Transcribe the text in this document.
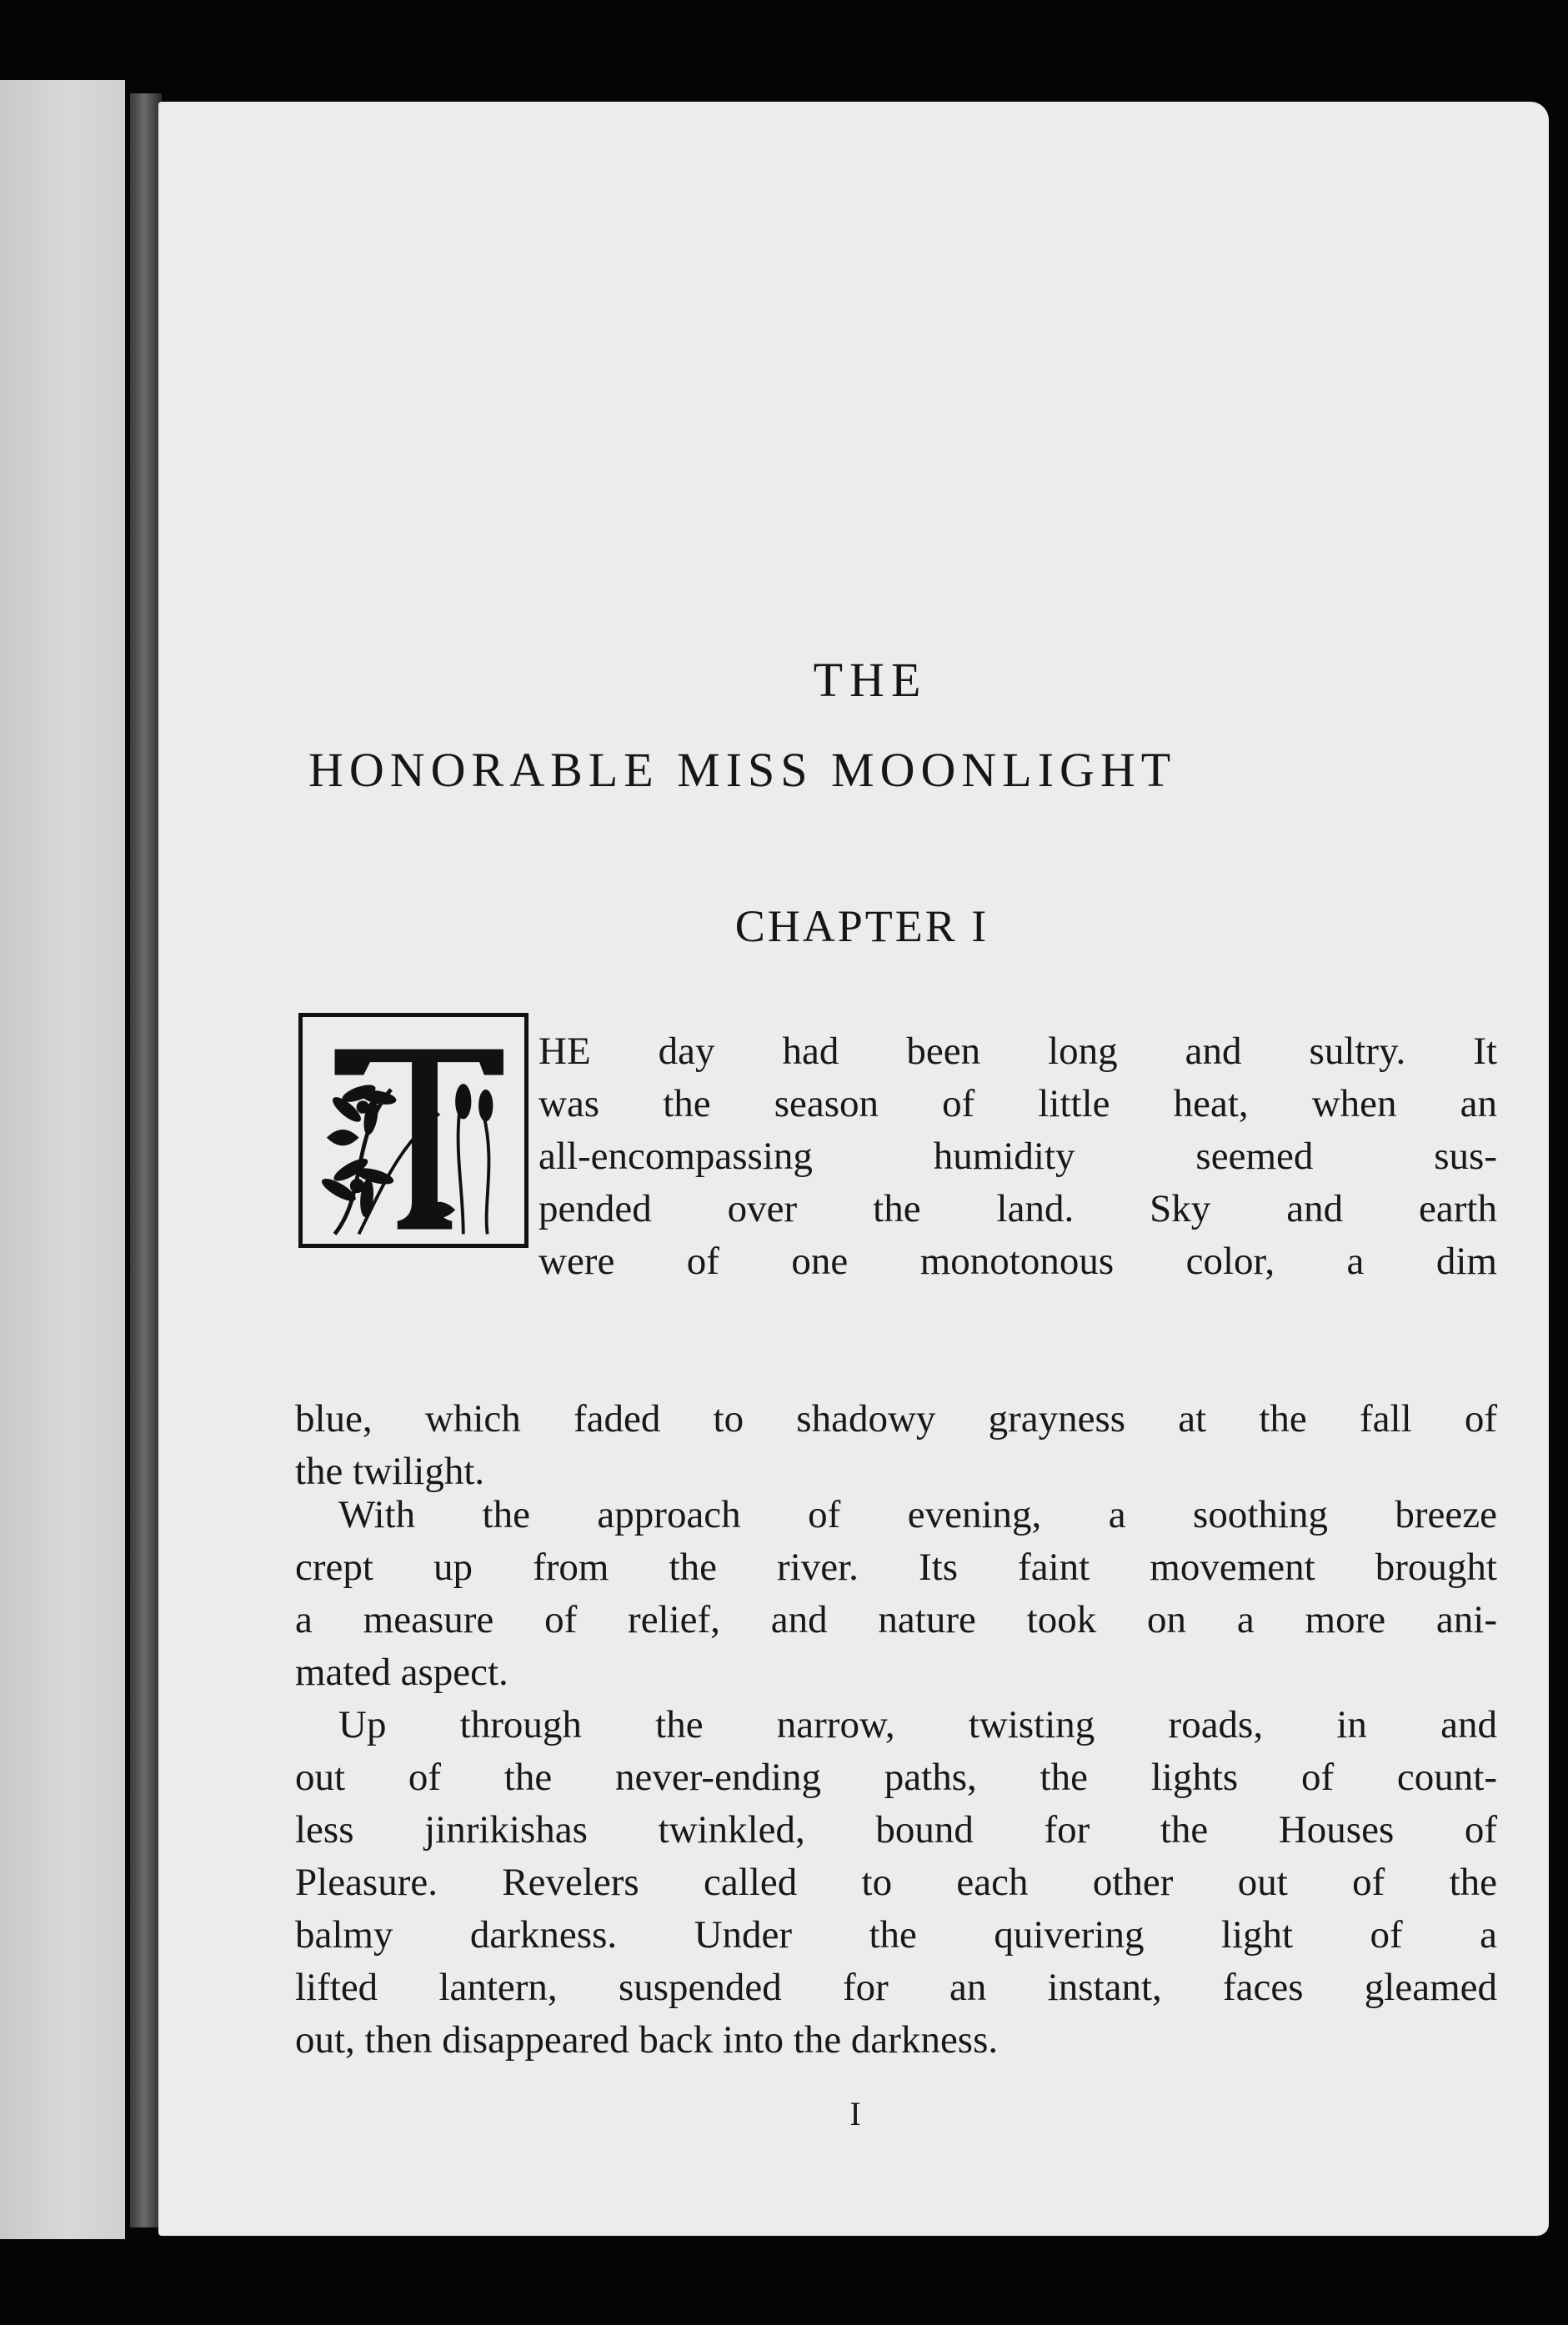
THE
HONORABLE MISS MOONLIGHT
CHAPTER I
HE day had been long and sultry. It
was the season of little heat, when an
all-encompassing humidity seemed sus-
pended over the land. Sky and earth
were of one monotonous color, a dim
blue, which faded to shadowy grayness at the fall of
the twilight.
With the approach of evening, a soothing breeze
crept up from the river. Its faint movement brought
a measure of relief, and nature took on a more ani-
mated aspect.
Up through the narrow, twisting roads, in and
out of the never-ending paths, the lights of count-
less jinrikishas twinkled, bound for the Houses of
Pleasure. Revelers called to each other out of the
balmy darkness. Under the quivering light of a
lifted lantern, suspended for an instant, faces gleamed
out, then disappeared back into the darkness.
I
